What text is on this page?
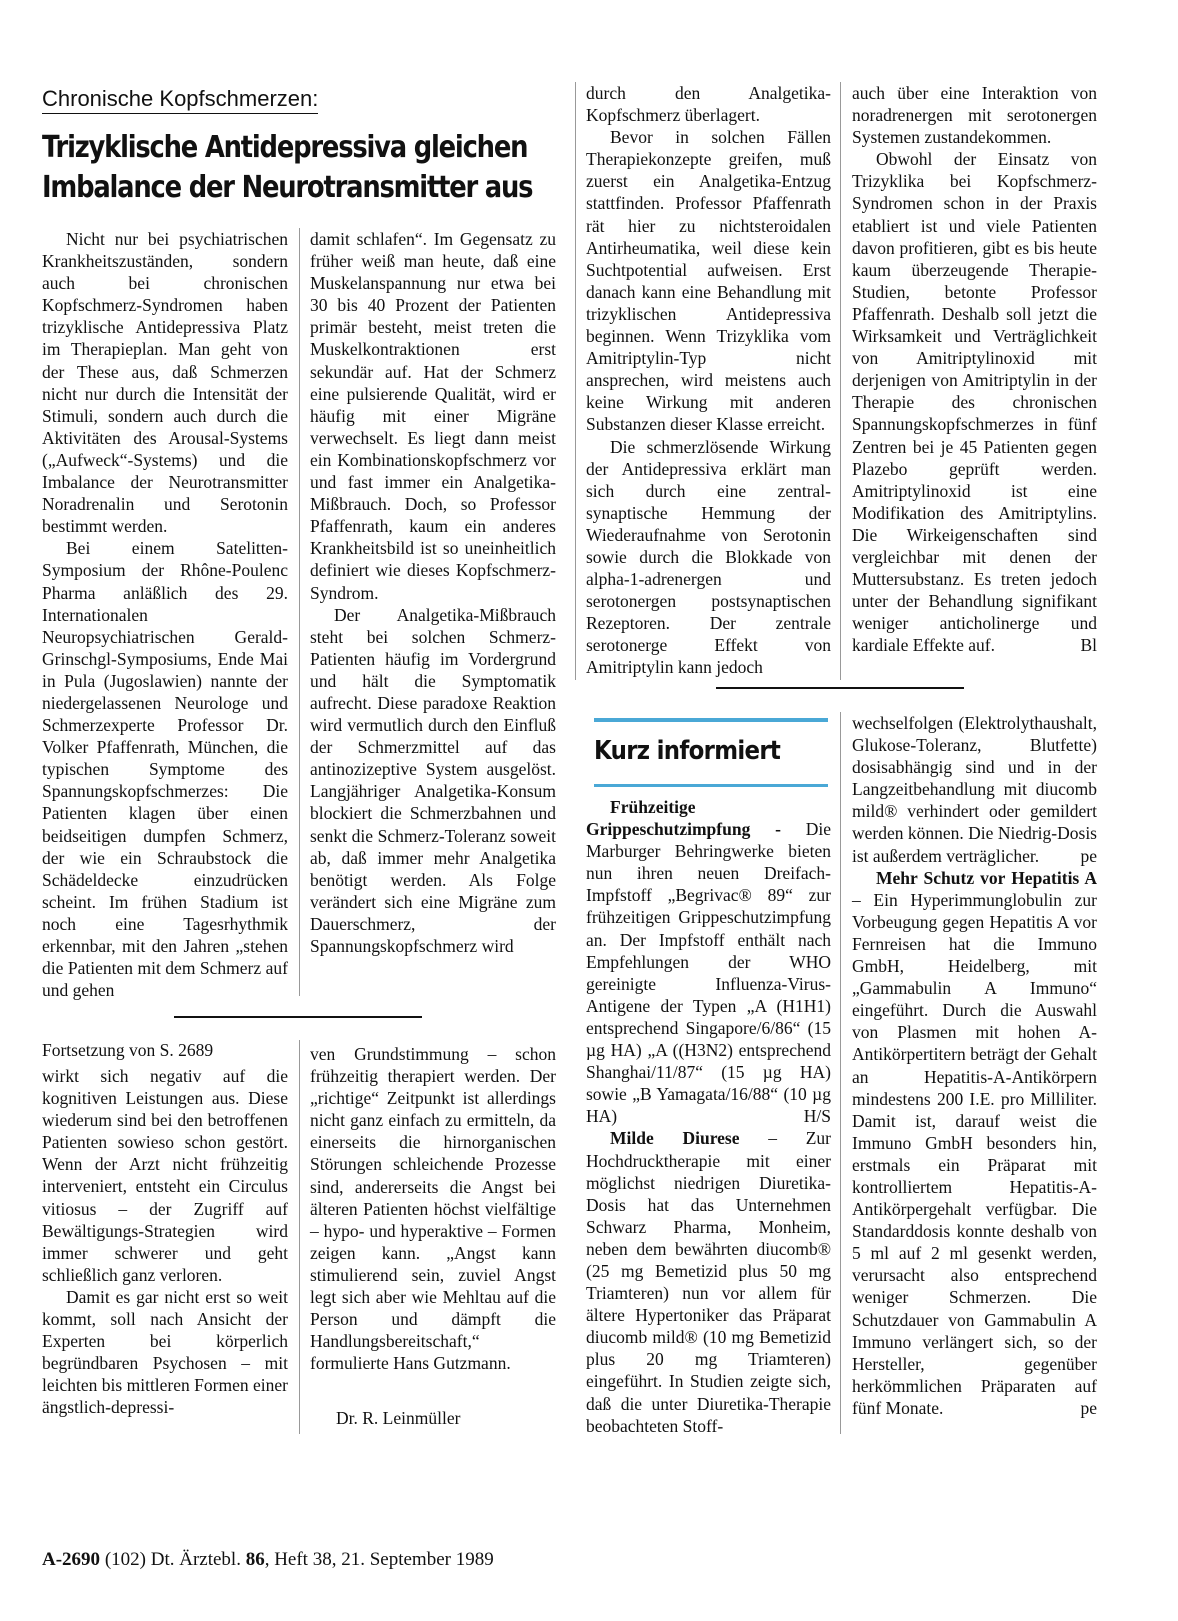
Chronische Kopfschmerzen:
Trizyklische Antidepressiva gleichen
Imbalance der Neurotransmitter aus

Nicht nur bei psychiatrischen Krankheitszuständen, sondern auch bei chronischen Kopfschmerz-Syndromen haben trizyklische Antidepressiva Platz im Therapieplan. Man geht von der These aus, daß Schmerzen nicht nur durch die Intensität der Stimuli, sondern auch durch die Aktivitäten des Arousal-Systems („Aufweck“-Systems) und die Imbalance der Neurotransmitter Noradrenalin und Serotonin bestimmt werden.

Bei einem Satelitten-Symposium der Rhône-Poulenc Pharma anläßlich des 29. Internationalen Neuropsychiatrischen Gerald-Grinschgl-Symposiums, Ende Mai in Pula (Jugoslawien) nannte der niedergelassenen Neurologe und Schmerzexperte Professor Dr. Volker Pfaffenrath, München, die typischen Symptome des Spannungskopfschmerzes: Die Patienten klagen über einen beidseitigen dumpfen Schmerz, der wie ein Schraubstock die Schädeldecke einzudrücken scheint. Im frühen Stadium ist noch eine Tagesrhythmik erkennbar, mit den Jahren „stehen die Patienten mit dem Schmerz auf und gehen

damit schlafen“. Im Gegensatz zu früher weiß man heute, daß eine Muskelanspannung nur etwa bei 30 bis 40 Prozent der Patienten primär besteht, meist treten die Muskelkontraktionen erst sekundär auf. Hat der Schmerz eine pulsierende Qualität, wird er häufig mit einer Migräne verwechselt. Es liegt dann meist ein Kombinationskopfschmerz vor und fast immer ein Analgetika-Mißbrauch. Doch, so Professor Pfaffenrath, kaum ein anderes Krankheitsbild ist so uneinheitlich definiert wie dieses Kopfschmerz-Syndrom.

Der Analgetika-Mißbrauch steht bei solchen Schmerz-Patienten häufig im Vordergrund und hält die Symptomatik aufrecht. Diese paradoxe Reaktion wird vermutlich durch den Einfluß der Schmerzmittel auf das antinozizeptive System ausgelöst. Langjähriger Analgetika-Konsum blockiert die Schmerzbahnen und senkt die Schmerz-Toleranz soweit ab, daß immer mehr Analgetika benötigt werden. Als Folge verändert sich eine Migräne zum Dauerschmerz, der Spannungskopfschmerz wird

durch den Analgetika-Kopfschmerz überlagert.

Bevor in solchen Fällen Therapiekonzepte greifen, muß zuerst ein Analgetika-Entzug stattfinden. Professor Pfaffenrath rät hier zu nichtsteroidalen Antirheumatika, weil diese kein Suchtpotential aufweisen. Erst danach kann eine Behandlung mit trizyklischen Antidepressiva beginnen. Wenn Trizyklika vom Amitriptylin-Typ nicht ansprechen, wird meistens auch keine Wirkung mit anderen Substanzen dieser Klasse erreicht.

Die schmerzlösende Wirkung der Antidepressiva erklärt man sich durch eine zentral-synaptische Hemmung der Wiederaufnahme von Serotonin sowie durch die Blokkade von alpha-1-adrenergen und serotonergen postsynaptischen Rezeptoren. Der zentrale serotonerge Effekt von Amitriptylin kann jedoch

auch über eine Interaktion von noradrenergen mit serotonergen Systemen zustandekommen.

Obwohl der Einsatz von Trizyklika bei Kopfschmerz-Syndromen schon in der Praxis etabliert ist und viele Patienten davon profitieren, gibt es bis heute kaum überzeugende Therapie-Studien, betonte Professor Pfaffenrath. Deshalb soll jetzt die Wirksamkeit und Verträglichkeit von Amitriptylinoxid mit derjenigen von Amitriptylin in der Therapie des chronischen Spannungskopfschmerzes in fünf Zentren bei je 45 Patienten gegen Plazebo geprüft werden. Amitriptylinoxid ist eine Modifikation des Amitriptylins. Die Wirkeigenschaften sind vergleichbar mit denen der Muttersubstanz. Es treten jedoch unter der Behandlung signifikant weniger anticholinerge und kardiale Effekte auf.	Bl
Fortsetzung von S. 2689

wirkt sich negativ auf die kognitiven Leistungen aus. Diese wiederum sind bei den betroffenen Patienten sowieso schon gestört. Wenn der Arzt nicht frühzeitig interveniert, entsteht ein Circulus vitiosus – der Zugriff auf Bewältigungs-Strategien wird immer schwerer und geht schließlich ganz verloren.

Damit es gar nicht erst so weit kommt, soll nach Ansicht der Experten bei körperlich begründbaren Psychosen – mit leichten bis mittleren Formen einer ängstlich-depressi-

ven Grundstimmung – schon frühzeitig therapiert werden. Der „richtige“ Zeitpunkt ist allerdings nicht ganz einfach zu ermitteln, da einerseits die hirnorganischen Störungen schleichende Prozesse sind, andererseits die Angst bei älteren Patienten höchst vielfältige – hypo- und hyperaktive – Formen zeigen kann. „Angst kann stimulierend sein, zuviel Angst legt sich aber wie Mehltau auf die Person und dämpft die Handlungsbereitschaft,“ formulierte Hans Gutzmann.

Dr. R. Leinmüller
Kurz informiert

Frühzeitige Grippeschutzimpfung - Die Marburger Behringwerke bieten nun ihren neuen Dreifach-Impfstoff „Begrivac® 89“ zur frühzeitigen Grippeschutzimpfung an. Der Impfstoff enthält nach Empfehlungen der WHO gereinigte Influenza-Virus-Antigene der Typen „A (H1H1) entsprechend Singapore/6/86“ (15 µg HA) „A ((H3N2) entsprechend Shanghai/11/87“ (15 µg HA) sowie „B Yamagata/16/88“ (10 µg HA)	H/S

Milde Diurese – Zur Hochdrucktherapie mit einer möglichst niedrigen Diuretika-Dosis hat das Unternehmen Schwarz Pharma, Monheim, neben dem bewährten diucomb® (25 mg Bemetizid plus 50 mg Triamteren) nun vor allem für ältere Hypertoniker das Präparat diucomb mild® (10 mg Bemetizid plus 20 mg Triamteren) eingeführt. In Studien zeigte sich, daß die unter Diuretika-Therapie beobachteten Stoff-

wechselfolgen (Elektrolythaushalt, Glukose-Toleranz, Blutfette) dosisabhängig sind und in der Langzeitbehandlung mit diucomb mild® verhindert oder gemildert werden können. Die Niedrig-Dosis ist außerdem verträglicher. pe

Mehr Schutz vor Hepatitis A – Ein Hyperimmunglobulin zur Vorbeugung gegen Hepatitis A vor Fernreisen hat die Immuno GmbH, Heidelberg, mit „Gammabulin A Immuno“ eingeführt. Durch die Auswahl von Plasmen mit hohen A-Antikörpertitern beträgt der Gehalt an Hepatitis-A-Antikörpern mindestens 200 I.E. pro Milliliter. Damit ist, darauf weist die Immuno GmbH besonders hin, erstmals ein Präparat mit kontrolliertem Hepatitis-A-Antikörpergehalt verfügbar. Die Standarddosis konnte deshalb von 5 ml auf 2 ml gesenkt werden, verursacht also entsprechend weniger Schmerzen. Die Schutzdauer von Gammabulin A Immuno verlängert sich, so der Hersteller, gegenüber herkömmlichen Präparaten auf fünf Monate.	pe

A-2690 (102) Dt. Ärztebl. 86, Heft 38, 21. September 1989
